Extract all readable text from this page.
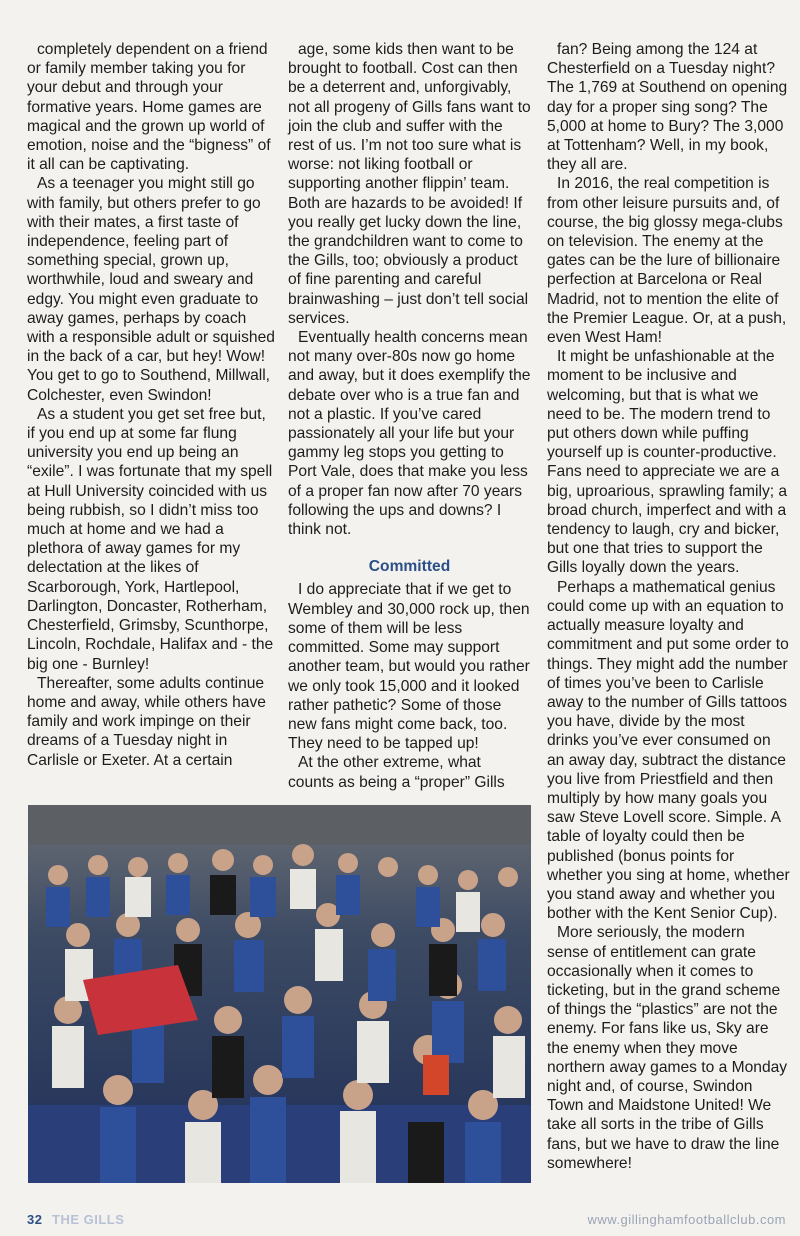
completely dependent on a friend or family member taking you for your debut and through your formative years. Home games are magical and the grown up world of emotion, noise and the “bigness” of it all can be captivating.

As a teenager you might still go with family, but others prefer to go with their mates, a first taste of independence, feeling part of something special, grown up, worthwhile, loud and sweary and edgy. You might even graduate to away games, perhaps by coach with a responsible adult or squished in the back of a car, but hey! Wow! You get to go to Southend, Millwall, Colchester, even Swindon!

As a student you get set free but, if you end up at some far flung university you end up being an “exile”. I was fortunate that my spell at Hull University coincided with us being rubbish, so I didn’t miss too much at home and we had a plethora of away games for my delectation at the likes of Scarborough, York, Hartlepool, Darlington, Doncaster, Rotherham, Chesterfield, Grimsby, Scunthorpe, Lincoln, Rochdale, Halifax and - the big one - Burnley!

Thereafter, some adults continue home and away, while others have family and work impinge on their dreams of a Tuesday night in Carlisle or Exeter. At a certain

age, some kids then want to be brought to football. Cost can then be a deterrent and, unforgivably, not all progeny of Gills fans want to join the club and suffer with the rest of us. I’m not too sure what is worse: not liking football or supporting another flippin’ team. Both are hazards to be avoided! If you really get lucky down the line, the grandchildren want to come to the Gills, too; obviously a product of fine parenting and careful brainwashing – just don’t tell social services.

Eventually health concerns mean not many over-80s now go home and away, but it does exemplify the debate over who is a true fan and not a plastic. If you’ve cared passionately all your life but your gammy leg stops you getting to Port Vale, does that make you less of a proper fan now after 70 years following the ups and downs? I think not.

Committed

I do appreciate that if we get to Wembley and 30,000 rock up, then some of them will be less committed. Some may support another team, but would you rather we only took 15,000 and it looked rather pathetic? Some of those new fans might come back, too. They need to be tapped up!

At the other extreme, what counts as being a “proper” Gills

fan? Being among the 124 at Chesterfield on a Tuesday night? The 1,769 at Southend on opening day for a proper sing song? The 5,000 at home to Bury? The 3,000 at Tottenham? Well, in my book, they all are.

In 2016, the real competition is from other leisure pursuits and, of course, the big glossy mega-clubs on television. The enemy at the gates can be the lure of billionaire perfection at Barcelona or Real Madrid, not to mention the elite of the Premier League. Or, at a push, even West Ham!

It might be unfashionable at the moment to be inclusive and welcoming, but that is what we need to be. The modern trend to put others down while puffing yourself up is counter-productive. Fans need to appreciate we are a big, uproarious, sprawling family; a broad church, imperfect and with a tendency to laugh, cry and bicker, but one that tries to support the Gills loyally down the years.

Perhaps a mathematical genius could come up with an equation to actually measure loyalty and commitment and put some order to things. They might add the number of times you’ve been to Carlisle away to the number of Gills tattoos you have, divide by the most drinks you’ve ever consumed on an away day, subtract the distance you live from Priestfield and then multiply by how many goals you saw Steve Lovell score. Simple. A table of loyalty could then be published (bonus points for whether you sing at home, whether you stand away and whether you bother with the Kent Senior Cup).

More seriously, the modern sense of entitlement can grate occasionally when it comes to ticketing, but in the grand scheme of things the “plastics” are not the enemy. For fans like us, Sky are the enemy when they move northern away games to a Monday night and, of course, Swindon Town and Maidstone United! We take all sorts in the tribe of Gills fans, but we have to draw the line somewhere!

32 THE GILLS	www.gillinghamfootballclub.com
